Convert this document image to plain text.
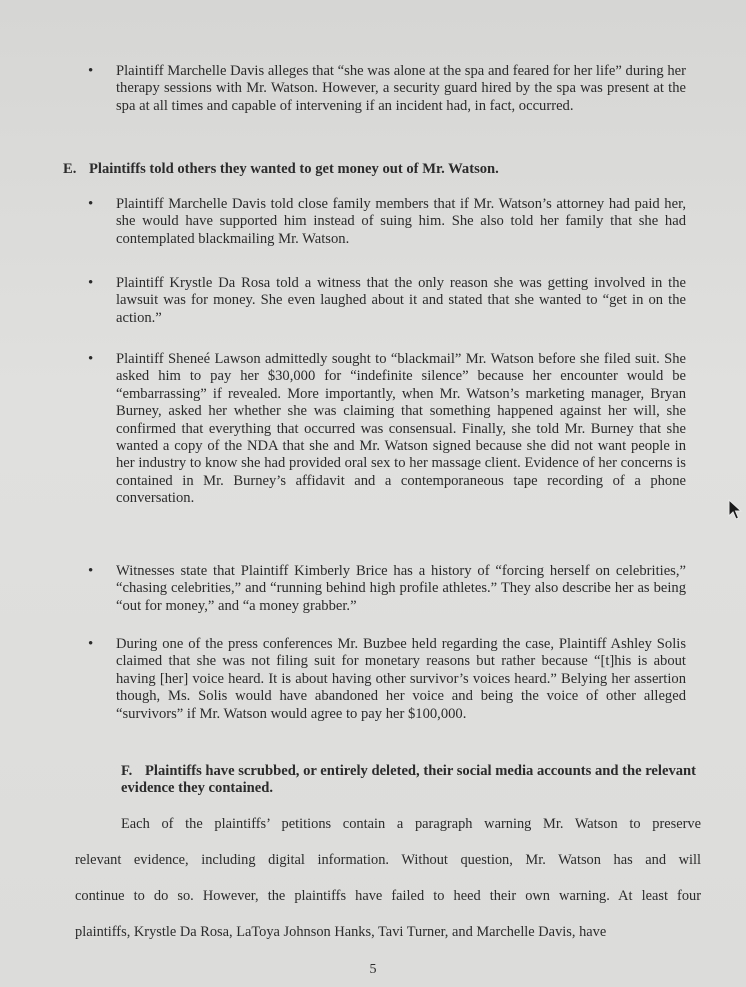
•	Plaintiff Marchelle Davis alleges that “she was alone at the spa and feared for her life” during her therapy sessions with Mr. Watson. However, a security guard hired by the spa was present at the spa at all times and capable of intervening if an incident had, in fact, occurred.
E. Plaintiffs told others they wanted to get money out of Mr. Watson.
•	Plaintiff Marchelle Davis told close family members that if Mr. Watson’s attorney had paid her, she would have supported him instead of suing him. She also told her family that she had contemplated blackmailing Mr. Watson.
•	Plaintiff Krystle Da Rosa told a witness that the only reason she was getting involved in the lawsuit was for money. She even laughed about it and stated that she wanted to “get in on the action.”
•	Plaintiff Sheneé Lawson admittedly sought to “blackmail” Mr. Watson before she filed suit. She asked him to pay her $30,000 for “indefinite silence” because her encounter would be “embarrassing” if revealed. More importantly, when Mr. Watson’s marketing manager, Bryan Burney, asked her whether she was claiming that something happened against her will, she confirmed that everything that occurred was consensual. Finally, she told Mr. Burney that she wanted a copy of the NDA that she and Mr. Watson signed because she did not want people in her industry to know she had provided oral sex to her massage client. Evidence of her concerns is contained in Mr. Burney’s affidavit and a contemporaneous tape recording of a phone conversation.
•	Witnesses state that Plaintiff Kimberly Brice has a history of “forcing herself on celebrities,” “chasing celebrities,” and “running behind high profile athletes.” They also describe her as being “out for money,” and “a money grabber.”
•	During one of the press conferences Mr. Buzbee held regarding the case, Plaintiff Ashley Solis claimed that she was not filing suit for monetary reasons but rather because “[t]his is about having [her] voice heard. It is about having other survivor’s voices heard.” Belying her assertion though, Ms. Solis would have abandoned her voice and being the voice of other alleged “survivors” if Mr. Watson would agree to pay her $100,000.
F. Plaintiffs have scrubbed, or entirely deleted, their social media accounts and the relevant evidence they contained.
Each of the plaintiffs’ petitions contain a paragraph warning Mr. Watson to preserve
relevant evidence, including digital information. Without question, Mr. Watson has and will
continue to do so. However, the plaintiffs have failed to heed their own warning. At least four
plaintiffs, Krystle Da Rosa, LaToya Johnson Hanks, Tavi Turner, and Marchelle Davis, have
5
